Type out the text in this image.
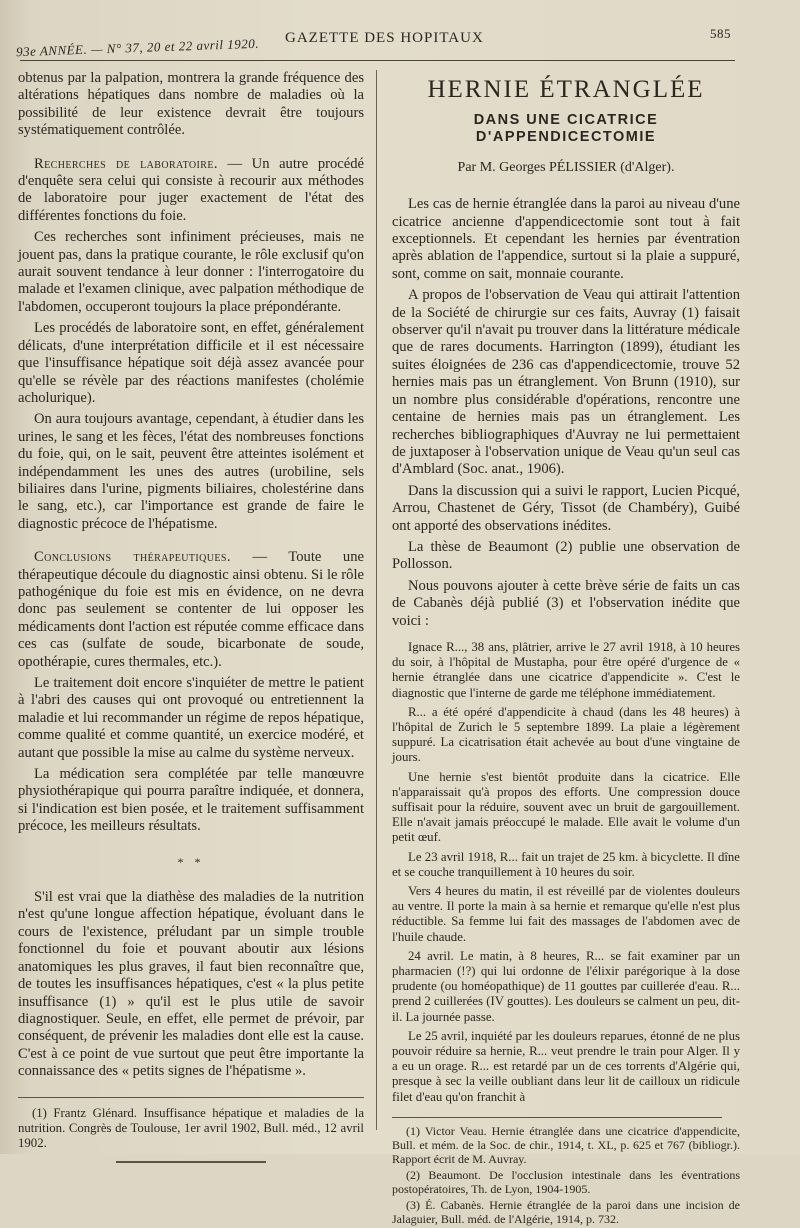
93e ANNÉE. — N° 37, 20 et 22 avril 1920. GAZETTE DES HOPITAUX	585

obtenus par la palpation, montrera la grande fréquence des altérations hépatiques dans nombre de maladies où la possibilité de leur existence devrait être toujours systématiquement contrôlée.

Recherches de laboratoire. — Un autre procédé d'enquête sera celui qui consiste à recourir aux méthodes de laboratoire pour juger exactement de l'état des différentes fonctions du foie.

Ces recherches sont infiniment précieuses, mais ne jouent pas, dans la pratique courante, le rôle exclusif qu'on aurait souvent tendance à leur donner : l'interrogatoire du malade et l'examen clinique, avec palpation méthodique de l'abdomen, occuperont toujours la place prépondérante.

Les procédés de laboratoire sont, en effet, généralement délicats, d'une interprétation difficile et il est nécessaire que l'insuffisance hépatique soit déjà assez avancée pour qu'elle se révèle par des réactions manifestes (cholémie acholurique).

On aura toujours avantage, cependant, à étudier dans les urines, le sang et les fèces, l'état des nombreuses fonctions du foie, qui, on le sait, peuvent être atteintes isolément et indépendamment les unes des autres (urobiline, sels biliaires dans l'urine, pigments biliaires, cholestérine dans le sang, etc.), car l'importance est grande de faire le diagnostic précoce de l'hépatisme.

Conclusions thérapeutiques. — Toute une thérapeutique découle du diagnostic ainsi obtenu. Si le rôle pathogénique du foie est mis en évidence, on ne devra donc pas seulement se contenter de lui opposer les médicaments dont l'action est réputée comme efficace dans ces cas (sulfate de soude, bicarbonate de soude, opothérapie, cures thermales, etc.).

Le traitement doit encore s'inquiéter de mettre le patient à l'abri des causes qui ont provoqué ou entretiennent la maladie et lui recommander un régime de repos hépatique, comme qualité et comme quantité, un exercice modéré, et autant que possible la mise au calme du système nerveux.

La médication sera complétée par telle manœuvre physiothérapique qui pourra paraître indiquée, et donnera, si l'indication est bien posée, et le traitement suffisamment précoce, les meilleurs résultats.

* *

S'il est vrai que la diathèse des maladies de la nutrition n'est qu'une longue affection hépatique, évoluant dans le cours de l'existence, préludant par un simple trouble fonctionnel du foie et pouvant aboutir aux lésions anatomiques les plus graves, il faut bien reconnaître que, de toutes les insuffisances hépatiques, c'est « la plus petite insuffisance (1) » qu'il est le plus utile de savoir diagnostiquer. Seule, en effet, elle permet de prévoir, par conséquent, de prévenir les maladies dont elle est la cause. C'est à ce point de vue surtout que peut être importante la connaissance des « petits signes de l'hépatisme ».

(1) Frantz Glénard. Insuffisance hépatique et maladies de la nutrition. Congrès de Toulouse, 1er avril 1902, Bull. méd., 12 avril 1902.

HERNIE ÉTRANGLÉE
DANS UNE CICATRICE D'APPENDICECTOMIE
Par M. Georges PÉLISSIER (d'Alger).

Les cas de hernie étranglée dans la paroi au niveau d'une cicatrice ancienne d'appendicectomie sont tout à fait exceptionnels. Et cependant les hernies par éventration après ablation de l'appendice, surtout si la plaie a suppuré, sont, comme on sait, monnaie courante.

A propos de l'observation de Veau qui attirait l'attention de la Société de chirurgie sur ces faits, Auvray (1) faisait observer qu'il n'avait pu trouver dans la littérature médicale que de rares documents. Harrington (1899), étudiant les suites éloignées de 236 cas d'appendicectomie, trouve 52 hernies mais pas un étranglement. Von Brunn (1910), sur un nombre plus considérable d'opérations, rencontre une centaine de hernies mais pas un étranglement. Les recherches bibliographiques d'Auvray ne lui permettaient de juxtaposer à l'observation unique de Veau qu'un seul cas d'Amblard (Soc. anat., 1906).

Dans la discussion qui a suivi le rapport, Lucien Picqué, Arrou, Chastenet de Géry, Tissot (de Chambéry), Guibé ont apporté des observations inédites.

La thèse de Beaumont (2) publie une observation de Pollosson.

Nous pouvons ajouter à cette brève série de faits un cas de Cabanès déjà publié (3) et l'observation inédite que voici :

Ignace R..., 38 ans, plâtrier, arrive le 27 avril 1918, à 10 heures du soir, à l'hôpital de Mustapha, pour être opéré d'urgence de « hernie étranglée dans une cicatrice d'appendicite ». C'est le diagnostic que l'interne de garde me téléphone immédiatement.

R... a été opéré d'appendicite à chaud (dans les 48 heures) à l'hôpital de Zurich le 5 septembre 1899. La plaie a légèrement suppuré. La cicatrisation était achevée au bout d'une vingtaine de jours.

Une hernie s'est bientôt produite dans la cicatrice. Elle n'apparaissait qu'à propos des efforts. Une compression douce suffisait pour la réduire, souvent avec un bruit de gargouillement. Elle n'avait jamais préoccupé le malade. Elle avait le volume d'un petit œuf.

Le 23 avril 1918, R... fait un trajet de 25 km. à bicyclette. Il dîne et se couche tranquillement à 10 heures du soir.

Vers 4 heures du matin, il est réveillé par de violentes douleurs au ventre. Il porte la main à sa hernie et remarque qu'elle n'est plus réductible. Sa femme lui fait des massages de l'abdomen avec de l'huile chaude.

24 avril. Le matin, à 8 heures, R... se fait examiner par un pharmacien (!?) qui lui ordonne de l'élixir parégorique à la dose prudente (ou homéopathique) de 11 gouttes par cuillerée d'eau. R... prend 2 cuillerées (IV gouttes). Les douleurs se calment un peu, dit-il. La journée passe.

Le 25 avril, inquiété par les douleurs reparues, étonné de ne plus pouvoir réduire sa hernie, R... veut prendre le train pour Alger. Il y a eu un orage. R... est retardé par un de ces torrents d'Algérie qui, presque à sec la veille oubliant dans leur lit de cailloux un ridicule filet d'eau qu'on franchit à

(1) Victor Veau. Hernie étranglée dans une cicatrice d'appendicite, Bull. et mém. de la Soc. de chir., 1914, t. XL, p. 625 et 767 (bibliogr.). Rapport écrit de M. Auvray.

(2) Beaumont. De l'occlusion intestinale dans les éventrations postopératoires, Th. de Lyon, 1904-1905.

(3) É. Cabanès. Hernie étranglée de la paroi dans une incision de Jalaguier, Bull. méd. de l'Algérie, 1914, p. 732.
